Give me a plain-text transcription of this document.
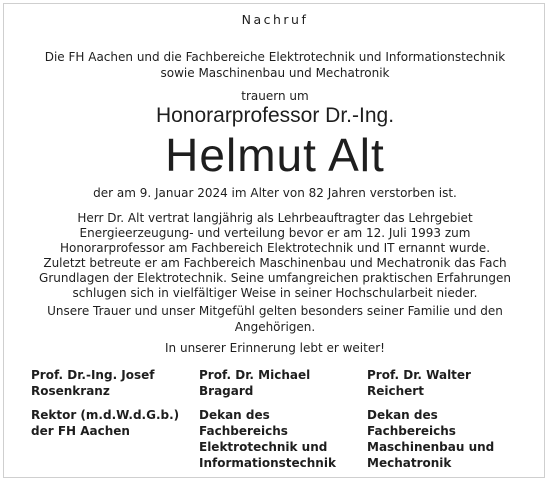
Nachruf
Die FH Aachen und die Fachbereiche Elektrotechnik und Informationstechnik
sowie Maschinenbau und Mechatronik
trauern um
Honorarprofessor Dr.-Ing.
Helmut Alt
der am 9. Januar 2024 im Alter von 82 Jahren verstorben ist.
Herr Dr. Alt vertrat langjährig als Lehrbeauftragter das Lehrgebiet
Energieerzeugung- und verteilung bevor er am 12. Juli 1993 zum
Honorarprofessor am Fachbereich Elektrotechnik und IT ernannt wurde.
Zuletzt betreute er am Fachbereich Maschinenbau und Mechatronik das Fach
Grundlagen der Elektrotechnik. Seine umfangreichen praktischen Erfahrungen
schlugen sich in vielfältiger Weise in seiner Hochschularbeit nieder.
Unsere Trauer und unser Mitgefühl gelten besonders seiner Familie und den
Angehörigen.
In unserer Erinnerung lebt er weiter!
Prof. Dr.-Ing. Josef
Rosenkranz
Rektor (m.d.W.d.G.b.)
der FH Aachen
Prof. Dr. Michael
Bragard
Dekan des
Fachbereichs
Elektrotechnik und
Informationstechnik
Prof. Dr. Walter
Reichert
Dekan des
Fachbereichs
Maschinenbau und
Mechatronik
